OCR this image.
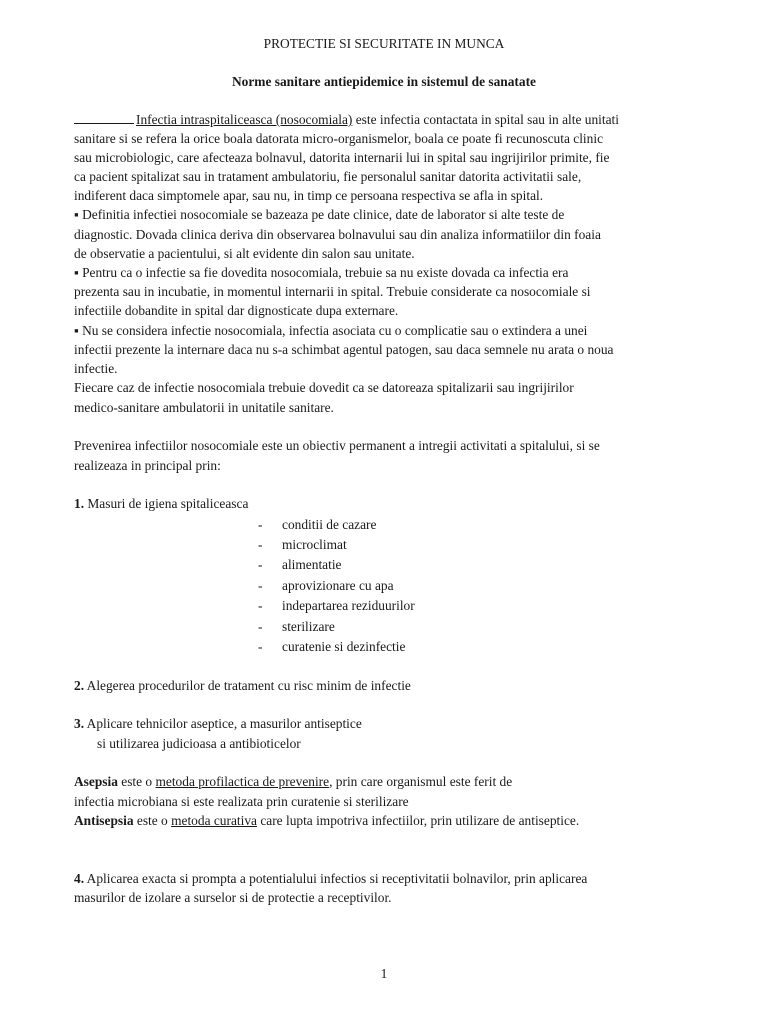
PROTECTIE SI SECURITATE IN MUNCA
Norme sanitare antiepidemice in sistemul de sanatate
Infectia intraspitaliceasca (nosocomiala) este infectia contactata in spital sau in alte unitati
sanitare si se refera la orice boala datorata micro-organismelor, boala ce poate fi recunoscuta clinic
sau microbiologic, care afecteaza bolnavul, datorita internarii lui in spital sau ingrijirilor primite, fie
ca pacient spitalizat sau in tratament ambulatoriu, fie personalul sanitar datorita activitatii sale,
indiferent daca simptomele apar, sau nu, in timp ce persoana respectiva se afla in spital.
▪ Definitia infectiei nosocomiale se bazeaza pe date clinice, date de laborator si alte teste de
diagnostic. Dovada clinica deriva din observarea bolnavului sau din analiza informatiilor din foaia
de observatie a pacientului, si alt evidente din salon sau unitate.
▪ Pentru ca o infectie sa fie dovedita nosocomiala, trebuie sa nu existe dovada ca infectia era
prezenta sau in incubatie, in momentul internarii in spital. Trebuie considerate ca nosocomiale si
infectiile dobandite in spital dar dignosticate dupa externare.
▪ Nu se considera infectie nosocomiala, infectia asociata cu o complicatie sau o extindera a unei
infectii prezente la internare daca nu s-a schimbat agentul patogen, sau daca semnele nu arata o noua
infectie.
Fiecare caz de infectie nosocomiala trebuie dovedit ca se datoreaza spitalizarii sau ingrijirilor
medico-sanitare ambulatorii in unitatile sanitare.
Prevenirea infectiilor nosocomiale este un obiectiv permanent a intregii activitati a spitalului, si se
realizeaza in principal prin:
1. Masuri de igiena spitaliceasca
- conditii de cazare
- microclimat
- alimentatie
- aprovizionare cu apa
- indepartarea reziduurilor
- sterilizare
- curatenie si dezinfectie
2. Alegerea procedurilor de tratament cu risc minim de infectie
3. Aplicare tehnicilor aseptice, a masurilor antiseptice
si utilizarea judicioasa a antibioticelor
Asepsia este o metoda profilactica de prevenire, prin care organismul este ferit de
infectia microbiana si este realizata prin curatenie si sterilizare
Antisepsia este o metoda curativa care lupta impotriva infectiilor, prin utilizare de antiseptice.
4. Aplicarea exacta si prompta a potentialului infectios si receptivitatii bolnavilor, prin aplicarea
masurilor de izolare a surselor si de protectie a receptivilor.
1
